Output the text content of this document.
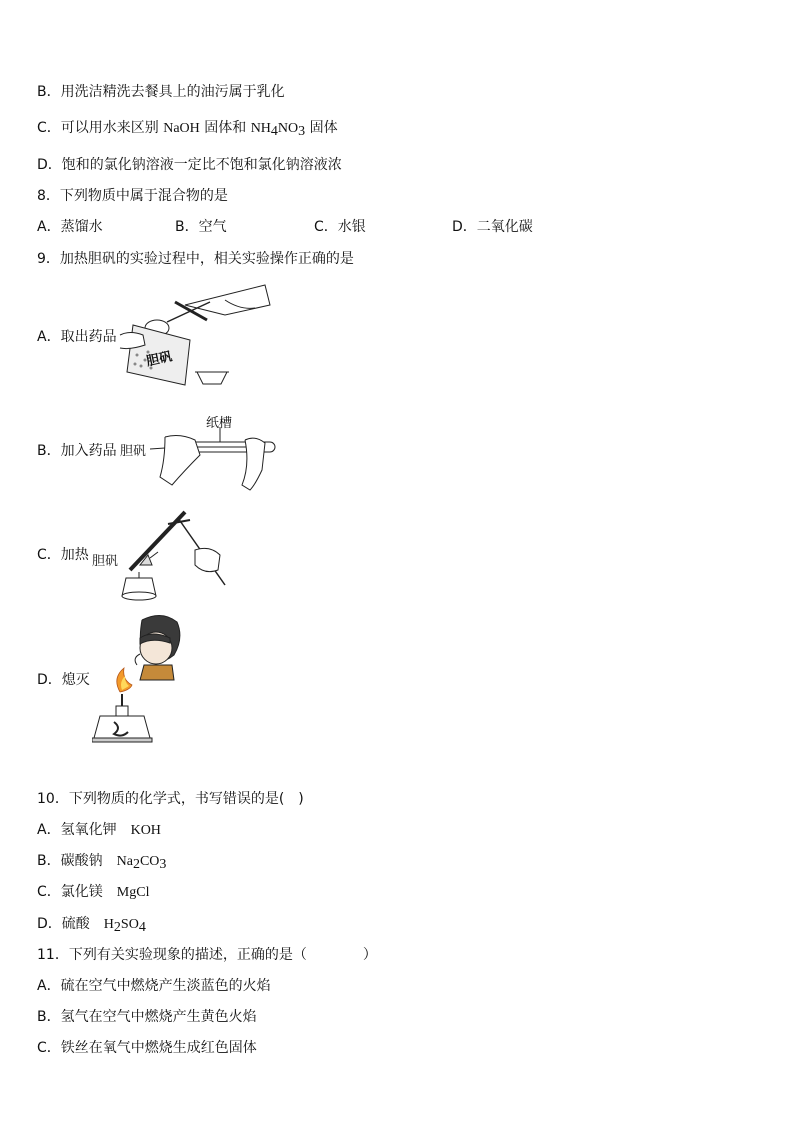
B．用洗洁精洗去餐具上的油污属于乳化
C．可以用水来区别 NaOH 固体和 NH4NO3 固体
D．饱和的氯化钠溶液一定比不饱和氯化钠溶液浓
8．下列物质中属于混合物的是
A．蒸馏水	B．空气	C．水银	D．二氧化碳
9．加热胆矾的实验过程中，相关实验操作正确的是
A．取出药品
B．加入药品
C．加热
D．熄灭
胆矾
纸槽
胆矾
胆矾
10．下列物质的化学式，书写错误的是(　)
A．氢氧化钾　 KOH
B．碳酸钠　 Na2CO3
C．氯化镁　 MgCl
D．硫酸　 H2SO4
11．下列有关实验现象的描述，正确的是（　　　　）
A．硫在空气中燃烧产生淡蓝色的火焰
B．氢气在空气中燃烧产生黄色火焰
C．铁丝在氧气中燃烧生成红色固体
